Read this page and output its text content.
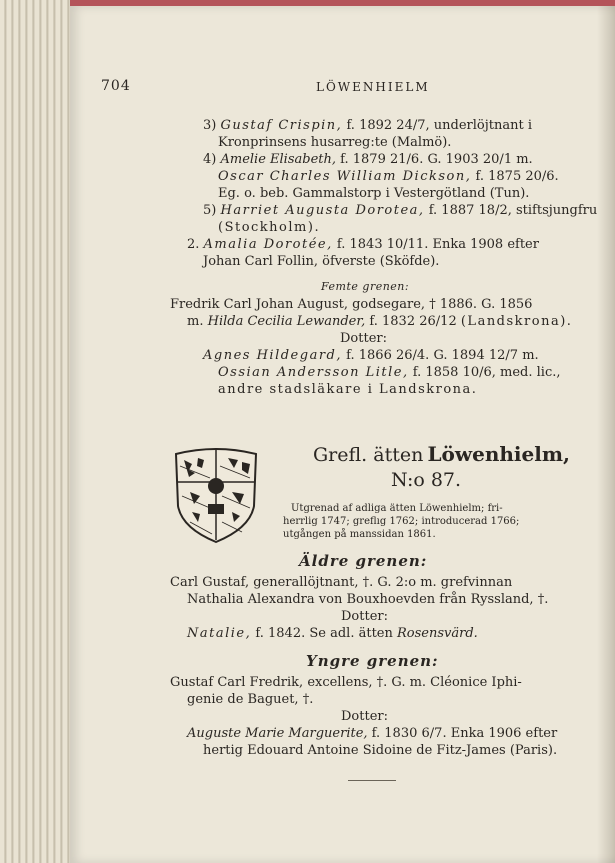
704	LÖWENHIELM
3) Gustaf Crispin, f. 1892 24/7, underlöjtnant i
Kronprinsens husarreg:te (Malmö).
4) Amelie Elisabeth, f. 1879 21/6. G. 1903 20/1 m.
Oscar Charles William Dickson, f. 1875 20/6.
Eg. o. beb. Gammalstorp i Vestergötland (Tun).
5) Harriet Augusta Dorotea, f. 1887 18/2, stiftsjungfru
(Stockholm).
2. Amalia Dorotée, f. 1843 10/11. Enka 1908 efter
Johan Carl Follin, öfverste (Sköfde).
Femte grenen:
Fredrik Carl Johan August, godsegare, † 1886. G. 1856
m. Hilda Cecilia Lewander, f. 1832 26/12 (Landskrona).
Dotter:
Agnes Hildegard, f. 1866 26/4. G. 1894 12/7 m.
Ossian Andersson Litle, f. 1858 10/6, med. lic.,
andre stadsläkare i Landskrona.
Grefl. ätten Löwenhielm,
N:o 87.
Utgrenad af adliga ätten Löwenhielm; fri-
herrlig 1747; greflıg 1762; introducerad 1766;
utgången på manssidan 1861.
Äldre grenen:
Carl Gustaf, generallöjtnant, †. G. 2:o m. grefvinnan
Nathalia Alexandra von Bouxhoevden från Ryssland, †.
Dotter:
Natalie, f. 1842. Se adl. ätten Rosensvärd.
Yngre grenen:
Gustaf Carl Fredrik, excellens, †. G. m. Cléonice Iphi-
genie de Baguet, †.
Dotter:
Auguste Marie Marguerite, f. 1830 6/7. Enka 1906 efter
hertig Edouard Antoine Sidoine de Fitz-James (Paris).
